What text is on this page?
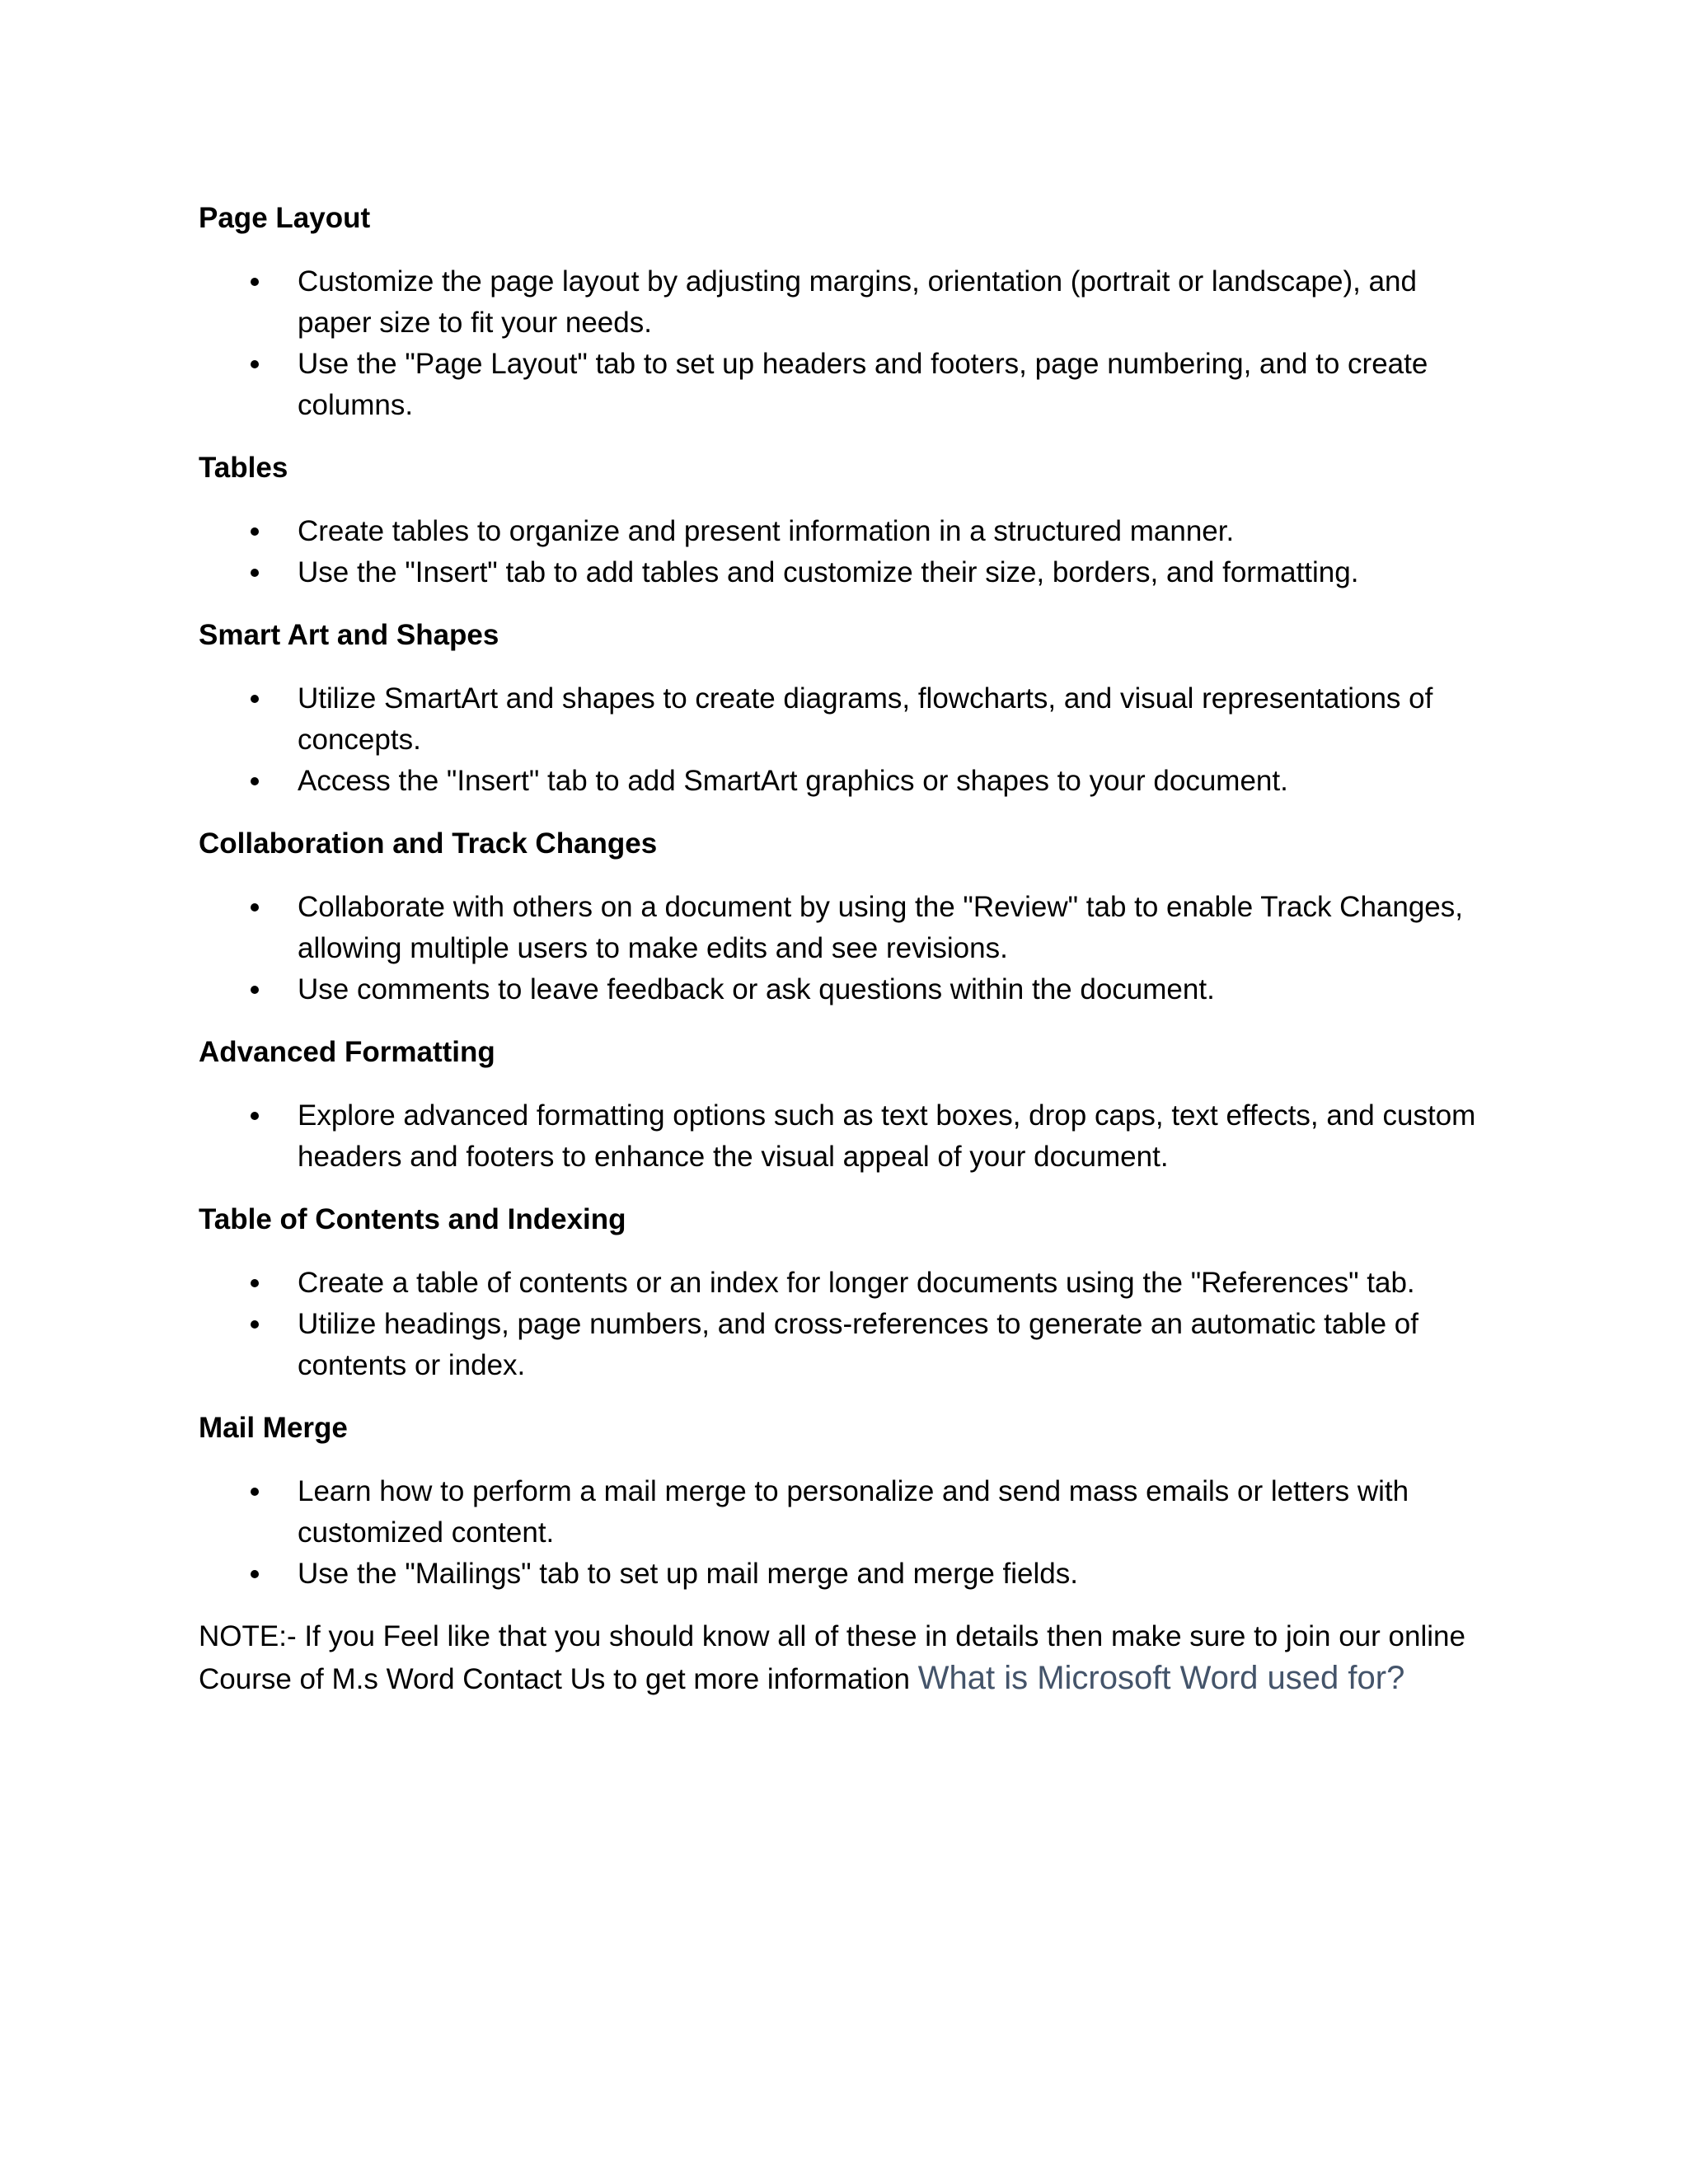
Page Layout
Customize the page layout by adjusting margins, orientation (portrait or landscape), and paper size to fit your needs.
Use the "Page Layout" tab to set up headers and footers, page numbering, and to create columns.
Tables
Create tables to organize and present information in a structured manner.
Use the "Insert" tab to add tables and customize their size, borders, and formatting.
Smart Art and Shapes
Utilize SmartArt and shapes to create diagrams, flowcharts, and visual representations of concepts.
Access the "Insert" tab to add SmartArt graphics or shapes to your document.
Collaboration and Track Changes
Collaborate with others on a document by using the "Review" tab to enable Track Changes, allowing multiple users to make edits and see revisions.
Use comments to leave feedback or ask questions within the document.
Advanced Formatting
Explore advanced formatting options such as text boxes, drop caps, text effects, and custom headers and footers to enhance the visual appeal of your document.
Table of Contents and Indexing
Create a table of contents or an index for longer documents using the "References" tab.
Utilize headings, page numbers, and cross-references to generate an automatic table of contents or index.
Mail Merge
Learn how to perform a mail merge to personalize and send mass emails or letters with customized content.
Use the "Mailings" tab to set up mail merge and merge fields.

NOTE:- If you Feel like that you should know all of these in details then make sure to join our online Course of M.s Word Contact Us to get more information What is Microsoft Word used for?
